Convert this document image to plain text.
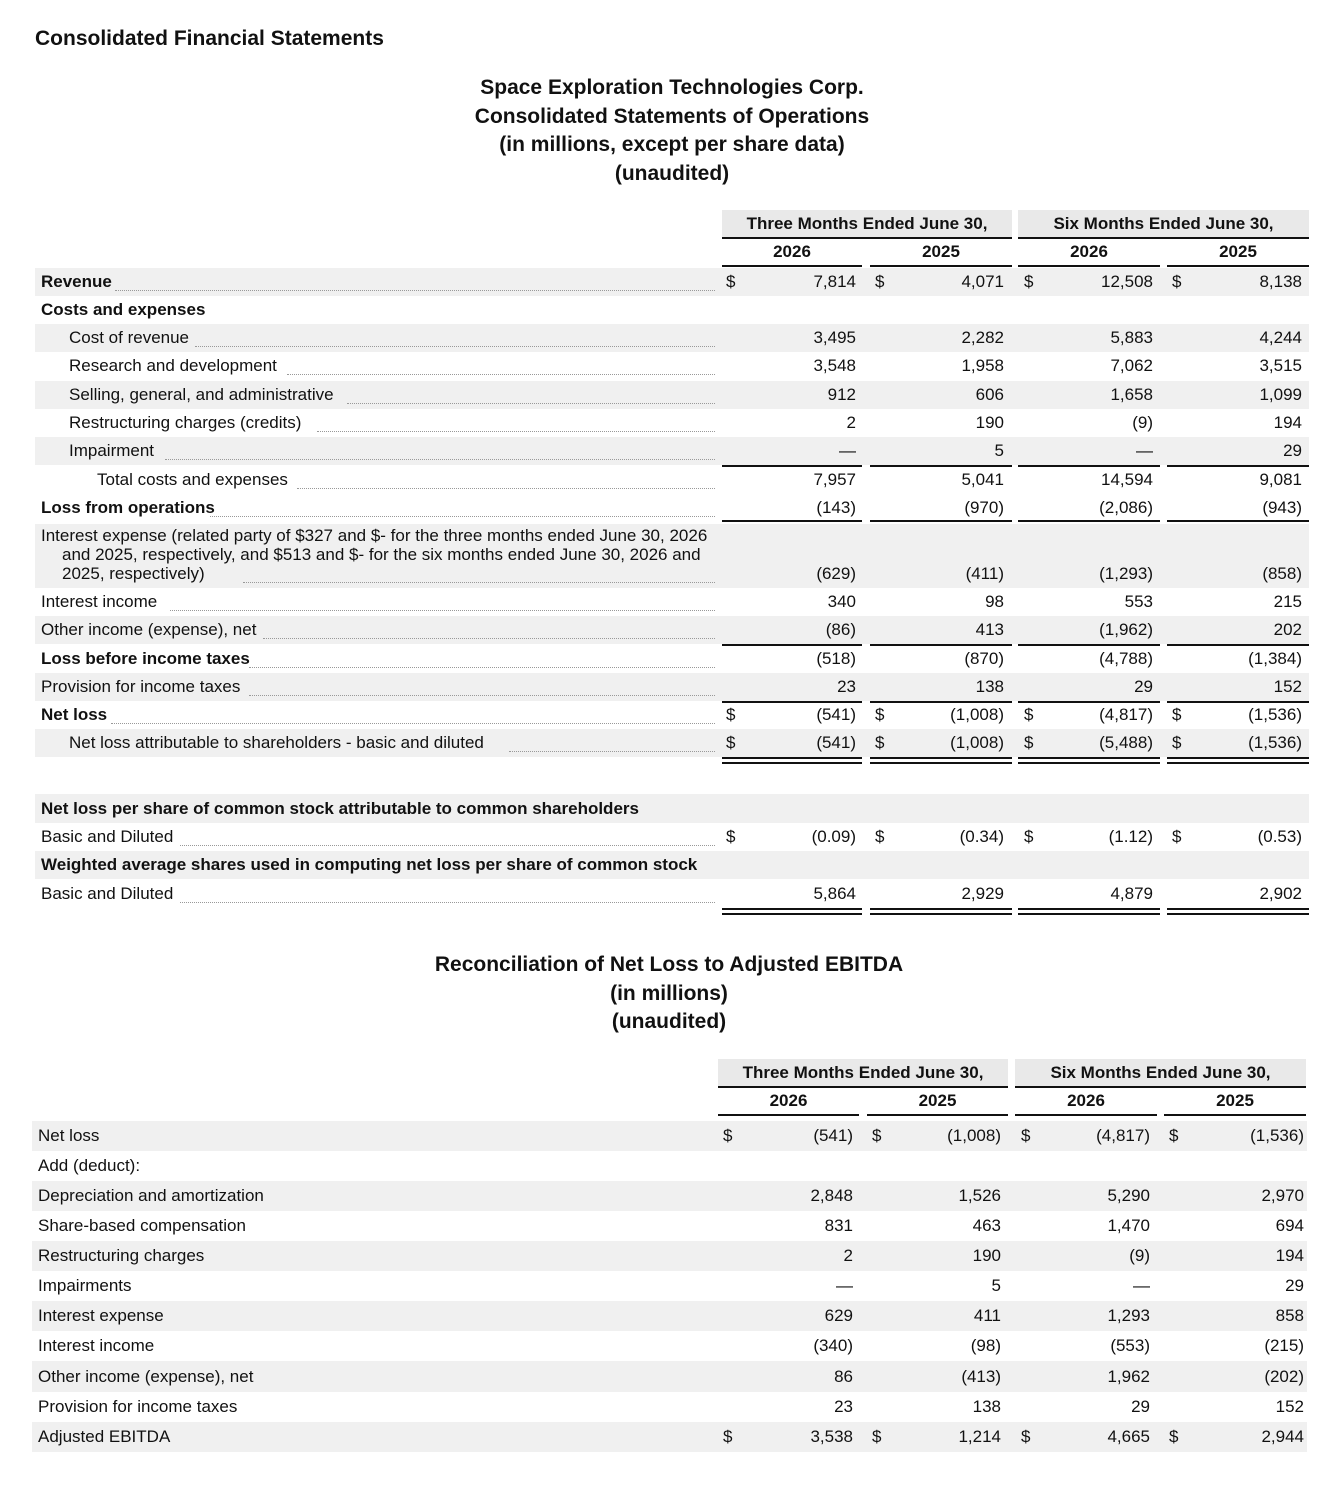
Consolidated Financial Statements
Space Exploration Technologies Corp.
Consolidated Statements of Operations
(in millions, except per share data)
(unaudited)
Reconciliation of Net Loss to Adjusted EBITDA
(in millions)
(unaudited)
Three Months Ended June 30,	Six Months Ended June 30,
2026	2025	2026	2025
Revenue	7,814	4,071	12,508	8,138
$	$	$	$
Costs and expenses
Cost of revenue	3,495	2,282	5,883	4,244
Research and development	3,548	1,958	7,062	3,515
Selling, general, and administrative	912	606	1,658	1,099
Restructuring charges (credits)	2	190	(9)	194
Impairment	—	5	—	29
Total costs and expenses	7,957	5,041	14,594	9,081
Loss from operations	(143)	(970)	(2,086)	(943)
Interest expense (related party of $327 and $- for the three months ended June 30, 2026 and 2025, respectively, and $513 and $- for the six months ended June 30, 2026 and 2025, respectively)	(629)	(411)	(1,293)	(858)
Interest income	340	98	553	215
Other income (expense), net	(86)	413	(1,962)	202
Loss before income taxes	(518)	(870)	(4,788)	(1,384)
Provision for income taxes	23	138	29	152
Net loss	(541)	(1,008)	(4,817)	(1,536)
$	$	$	$
Net loss attributable to shareholders - basic and diluted	(541)	(1,008)	(5,488)	(1,536)
$	$	$	$
Net loss per share of common stock attributable to common shareholders
Basic and Diluted	(0.09)	(0.34)	(1.12)	(0.53)
$	$	$	$
Weighted average shares used in computing net loss per share of common stock
Basic and Diluted	5,864	2,929	4,879	2,902
Three Months Ended June 30,	Six Months Ended June 30,
2026	2025	2026	2025
Net loss	(541)	(1,008)	(4,817)	(1,536)
$	$	$	$
Add (deduct):
Depreciation and amortization	2,848	1,526	5,290	2,970
Share-based compensation	831	463	1,470	694
Restructuring charges	2	190	(9)	194
Impairments	—	5	—	29
Interest expense	629	411	1,293	858
Interest income	(340)	(98)	(553)	(215)
Other income (expense), net	86	(413)	1,962	(202)
Provision for income taxes	23	138	29	152
Adjusted EBITDA	3,538	1,214	4,665	2,944
$	$	$	$
